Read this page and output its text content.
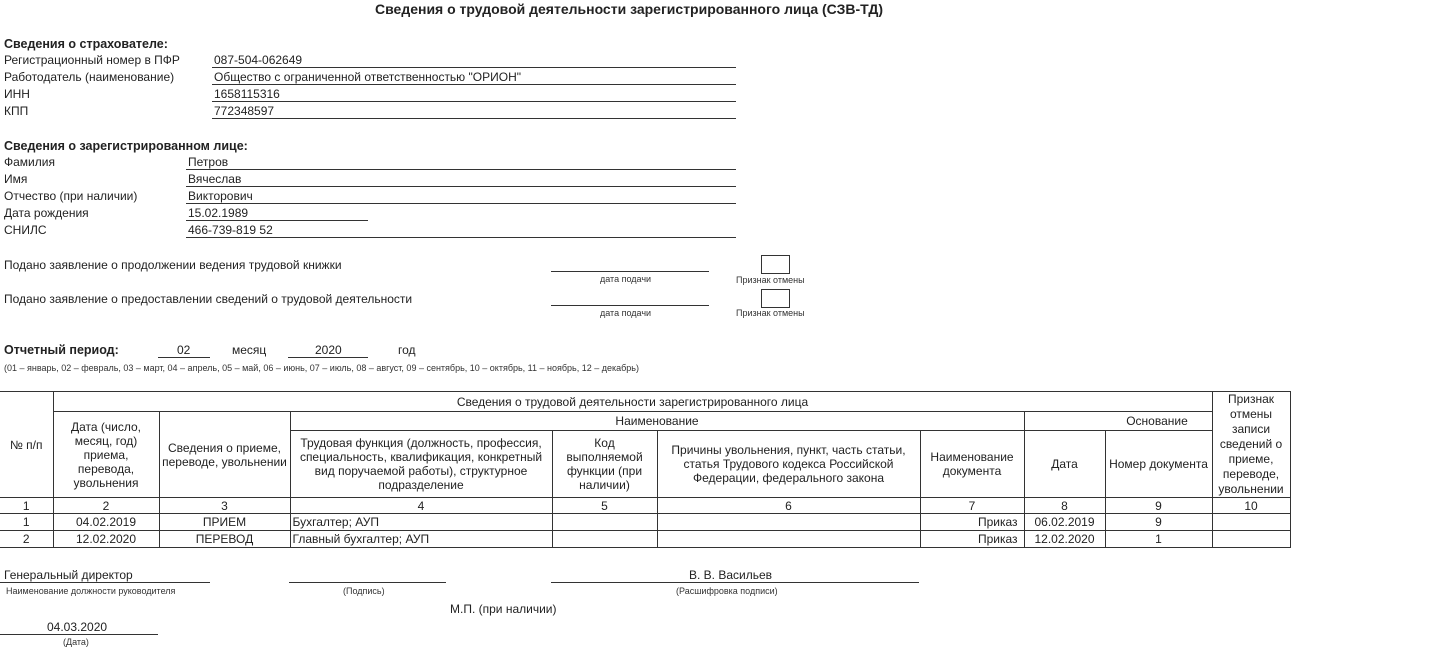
Сведения о трудовой деятельности зарегистрированного лица (СЗВ-ТД)
Сведения о страхователе:
Регистрационный номер в ПФР	087-504-062649
Работодатель (наименование)	Общество с ограниченной ответственностью "ОРИОН"
ИНН	1658115316
КПП	772348597
Сведения о зарегистрированном лице:
Фамилия	Петров
Имя	Вячеслав
Отчество (при наличии)	Викторович
Дата рождения	15.02.1989
СНИЛС	466-739-819 52
Подано заявление о продолжении ведения трудовой книжки
дата подачи	Признак отмены
Подано заявление о предоставлении сведений о трудовой деятельности
дата подачи	Признак отмены
Отчетный период:	02	месяц	2020	год
(01 – январь, 02 – февраль, 03 – март, 04 – апрель, 05 – май, 06 – июнь, 07 – июль, 08 – август, 09 – сентябрь, 10 – октябрь, 11 – ноябрь, 12 – декабрь)
№ п/п	Сведения о трудовой деятельности зарегистрированного лица								Признак отмены записи сведений о приеме, переводе, увольнении
	Дата (число, месяц, год) приема, перевода, увольнения	Сведения о приеме, переводе, увольнении	Наименование				Основание		
			Трудовая функция (должность, профессия, специальность, квалификация, конкретный вид поручаемой работы), структурное подразделение	Код выполняемой функции (при наличии)	Причины увольнения, пункт, часть статьи, статья Трудового кодекса Российской Федерации, федерального закона	Наименование документа	Дата	Номер документа	
1	2	3	4	5	6	7	8	9	10
1	04.02.2019	ПРИЕМ	Бухгалтер; АУП			Приказ	06.02.2019	9	
2	12.02.2020	ПЕРЕВОД	Главный бухгалтер; АУП			Приказ	12.02.2020	1	
Генеральный директор
Наименование должности руководителя	(Подпись)
В. В. Васильев
(Расшифровка подписи)
М.П. (при наличии)
04.03.2020
(Дата)
